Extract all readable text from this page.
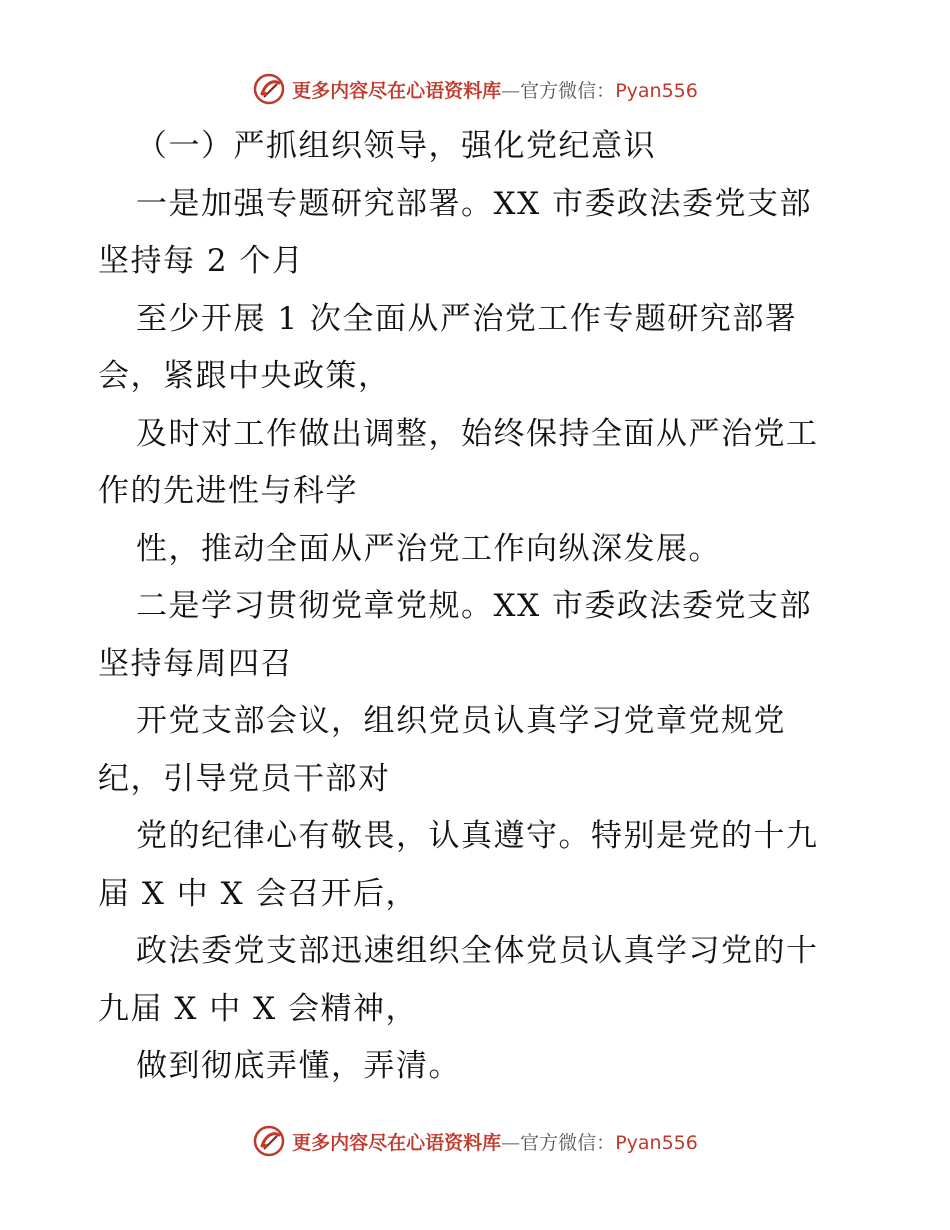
更多内容尽在心语资料库—官方微信：Pyan556
（一）严抓组织领导，强化党纪意识
一是加强专题研究部署。XX 市委政法委党支部
坚持每 2 个月
至少开展 1 次全面从严治党工作专题研究部署
会，紧跟中央政策，
及时对工作做出调整，始终保持全面从严治党工
作的先进性与科学
性，推动全面从严治党工作向纵深发展。
二是学习贯彻党章党规。XX 市委政法委党支部
坚持每周四召
开党支部会议，组织党员认真学习党章党规党
纪，引导党员干部对
党的纪律心有敬畏，认真遵守。特别是党的十九
届 X 中 X 会召开后，
政法委党支部迅速组织全体党员认真学习党的十
九届 X 中 X 会精神，
做到彻底弄懂，弄清。
更多内容尽在心语资料库—官方微信：Pyan556
